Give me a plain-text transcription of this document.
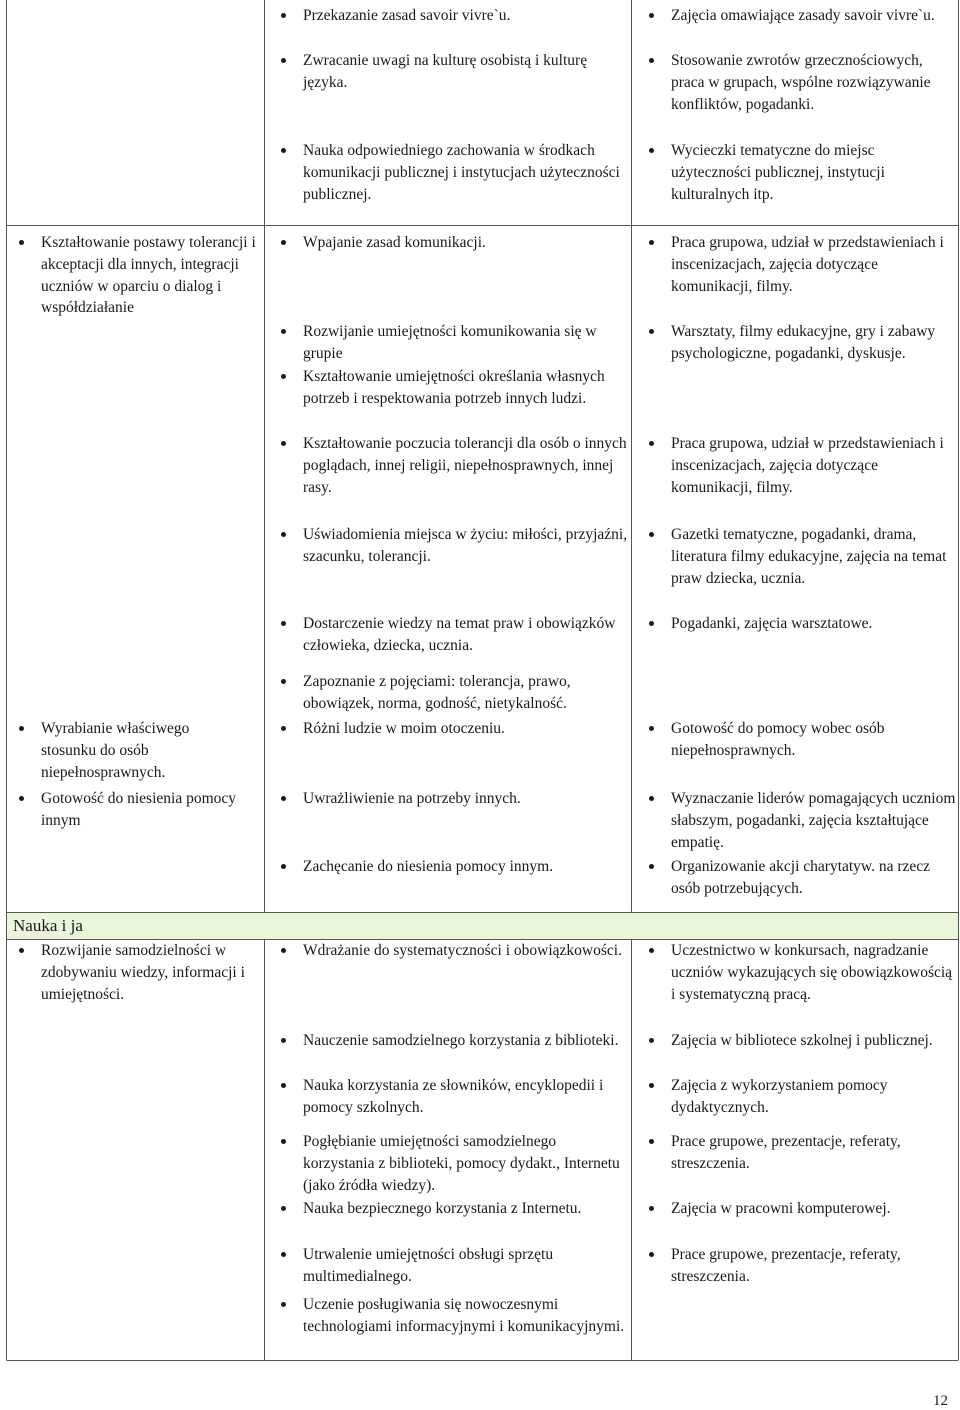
Przekazanie zasad savoir vivre`u.
Zwracanie uwagi na kulturę osobistą i kulturę języka.
Nauka odpowiedniego zachowania w środkach komunikacji publicznej i instytucjach użyteczności publicznej.
Zajęcia omawiające zasady savoir vivre`u.
Stosowanie zwrotów grzecznościowych, praca w grupach, wspólne rozwiązywanie konfliktów, pogadanki.
Wycieczki tematyczne do miejsc użyteczności publicznej, instytucji kulturalnych itp.
Kształtowanie postawy tolerancji i akceptacji dla innych, integracji uczniów w oparciu o dialog i współdziałanie
Wyrabianie właściwego stosunku do osób niepełnosprawnych.
Gotowość do niesienia pomocy innym
Wpajanie zasad komunikacji.
Rozwijanie umiejętności komunikowania się w grupie
Kształtowanie umiejętności określania własnych potrzeb i respektowania potrzeb innych ludzi.
Kształtowanie poczucia tolerancji dla osób o innych poglądach, innej religii, niepełnosprawnych, innej rasy.
Uświadomienia miejsca w życiu: miłości, przyjaźni, szacunku, tolerancji.
Dostarczenie wiedzy na temat praw i obowiązków człowieka, dziecka, ucznia.
Zapoznanie z pojęciami: tolerancja, prawo, obowiązek, norma, godność, nietykalność.
Różni ludzie w moim otoczeniu.
Uwrażliwienie na potrzeby innych.
Zachęcanie do niesienia pomocy innym.
Praca grupowa, udział w przedstawieniach i inscenizacjach, zajęcia dotyczące komunikacji, filmy.
Warsztaty, filmy edukacyjne, gry i zabawy psychologiczne, pogadanki, dyskusje.
Praca grupowa, udział w przedstawieniach i inscenizacjach, zajęcia dotyczące komunikacji, filmy.
Gazetki tematyczne, pogadanki, drama, literatura filmy edukacyjne, zajęcia na temat praw dziecka, ucznia.
Pogadanki, zajęcia warsztatowe.
Gotowość do pomocy wobec osób niepełnosprawnych.
Wyznaczanie liderów pomagających uczniom słabszym, pogadanki, zajęcia kształtujące empatię.
Organizowanie akcji charytatyw. na rzecz osób potrzebujących.
Nauka i ja
Rozwijanie samodzielności w zdobywaniu wiedzy, informacji i umiejętności.
Wdrażanie do systematyczności i obowiązkowości.
Nauczenie samodzielnego korzystania z biblioteki.
Nauka korzystania ze słowników, encyklopedii i pomocy szkolnych.
Pogłębianie umiejętności samodzielnego korzystania z biblioteki, pomocy dydakt., Internetu (jako źródła wiedzy).
Nauka bezpiecznego korzystania z Internetu.
Utrwalenie umiejętności obsługi sprzętu multimedialnego.
Uczenie posługiwania się nowoczesnymi technologiami informacyjnymi i komunikacyjnymi.
Uczestnictwo w konkursach, nagradzanie uczniów wykazujących się obowiązkowością i systematyczną pracą.
Zajęcia w bibliotece szkolnej i publicznej.
Zajęcia z wykorzystaniem pomocy dydaktycznych.
Prace grupowe, prezentacje, referaty, streszczenia.
Zajęcia w pracowni komputerowej.
Prace grupowe, prezentacje, referaty, streszczenia.
12
